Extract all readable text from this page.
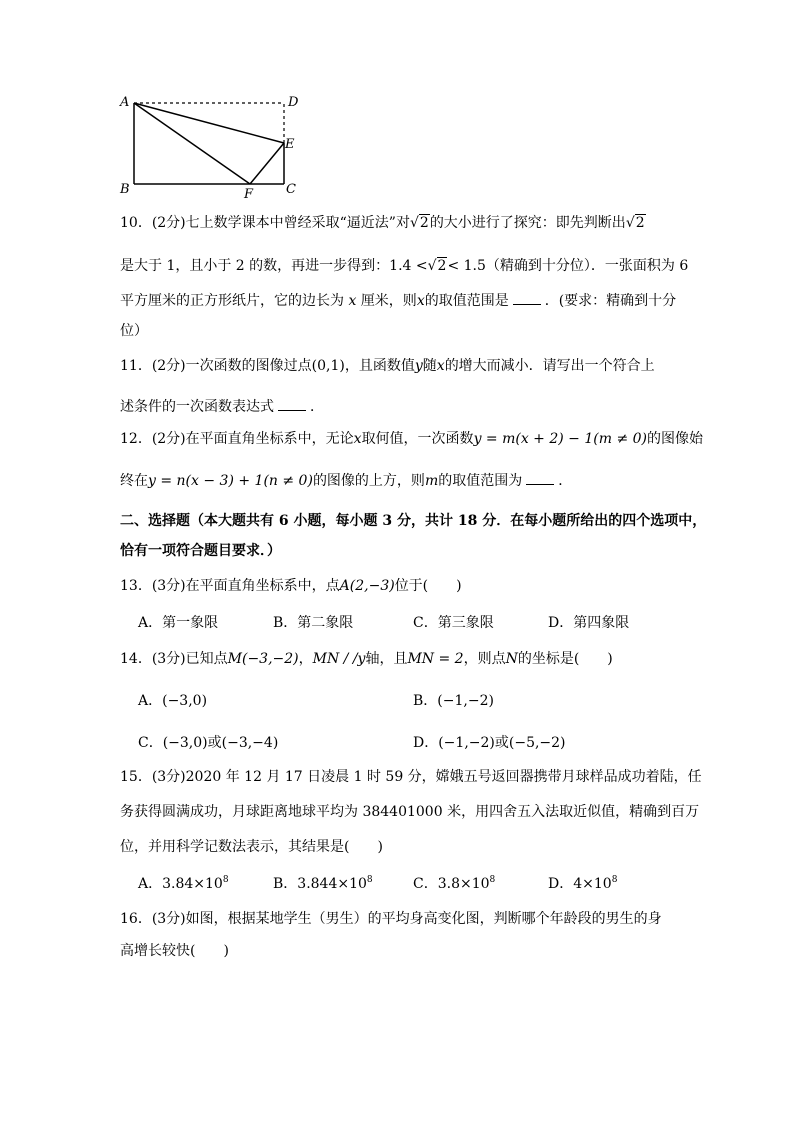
A	D
E
B	F	C
10．(2分)七上数学课本中曾经采取“逼近法”对√2的大小进行了探究：即先判断出√2
是大于 1，且小于 2 的数，再进一步得到：1.4 <√2< 1.5（精确到十分位）．一张面积为 6
平方厘米的正方形纸片，它的边长为 x 厘米，则x的取值范围是	．(要求：精确到十分
位）
11．(2分)一次函数的图像过点(0,1)，且函数值y随x的增大而减小．请写出一个符合上
述条件的一次函数表达式	．
12．(2分)在平面直角坐标系中，无论x取何值，一次函数y = m(x + 2) − 1(m ≠ 0)的图像始
终在y = n(x − 3) + 1(n ≠ 0)的图像的上方，则m的取值范围为	．
二、选择题（本大题共有 6 小题，每小题 3 分，共计 18 分．在每小题所给出的四个选项中，
恰有一项符合题目要求．）
13．(3分)在平面直角坐标系中，点A(2,−3)位于(　　)
A．第一象限	B．第二象限	C．第三象限	D．第四象限
14．(3分)已知点M(−3,−2)，MN / /y轴，且MN = 2，则点N的坐标是(　　)
A．(−3,0)	B．(−1,−2)
C．(−3,0)或(−3,−4)	D．(−1,−2)或(−5,−2)
15．(3分)2020 年 12 月 17 日凌晨 1 时 59 分，嫦娥五号返回器携带月球样品成功着陆，任
务获得圆满成功，月球距离地球平均为 384401000 米，用四舍五入法取近似值，精确到百万
位，并用科学记数法表示，其结果是(　　)
A．$3.84\times 10^8$	B．$3.844\times 10^8$	C．$3.8\times 10^8$	D．$4\times 10^8$
16．(3分)如图，根据某地学生（男生）的平均身高变化图，判断哪个年龄段的男生的身
高增长较快(　　)
